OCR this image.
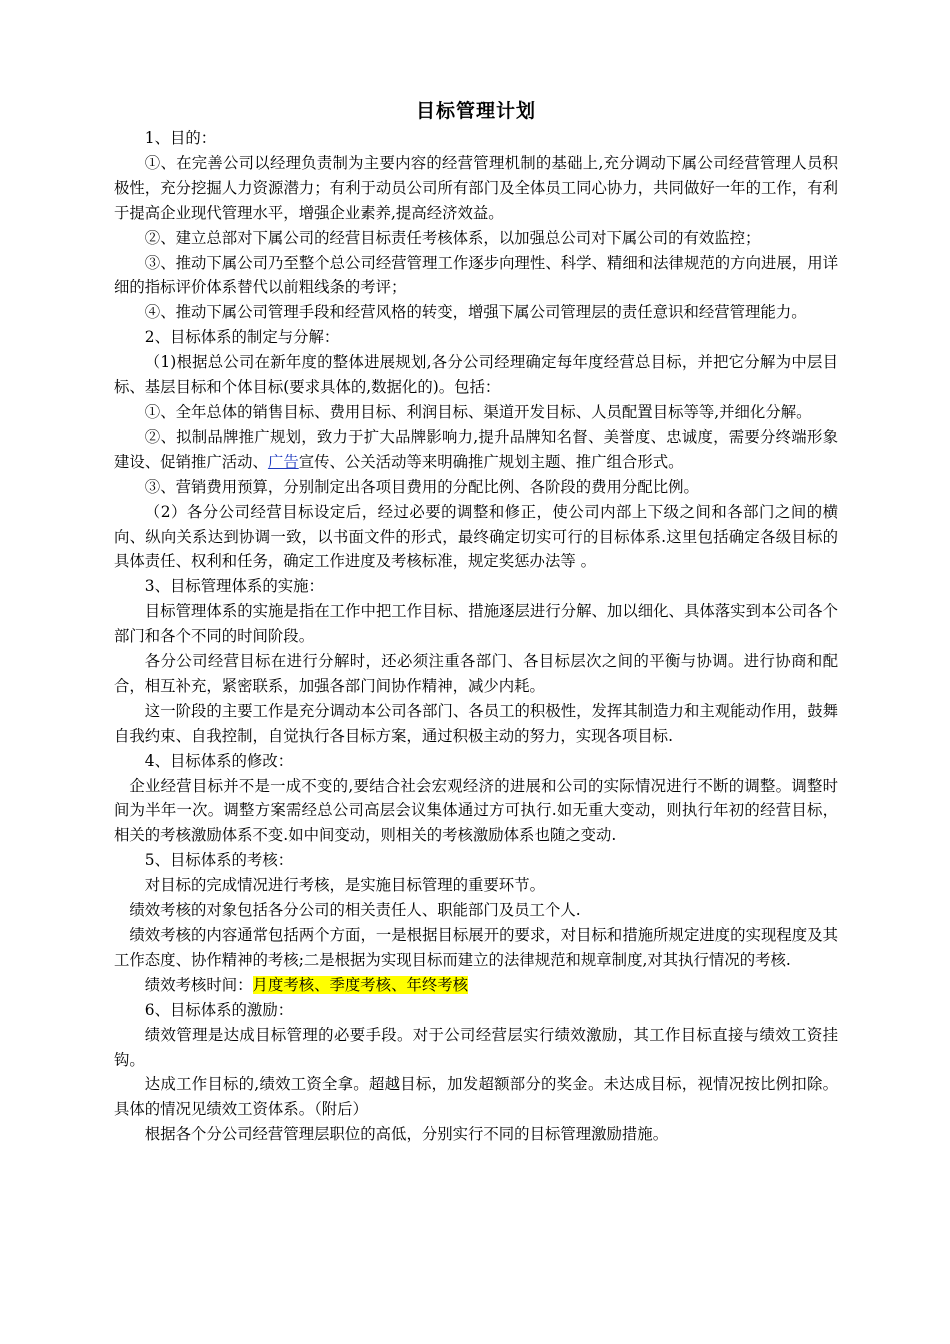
目标管理计划

1、目的：

①、在完善公司以经理负责制为主要内容的经营管理机制的基础上,充分调动下属公司经营管理人员积极性，充分挖掘人力资源潜力；有利于动员公司所有部门及全体员工同心协力，共同做好一年的工作，有利于提高企业现代管理水平，增强企业素养,提高经济效益。

②、建立总部对下属公司的经营目标责任考核体系，以加强总公司对下属公司的有效监控；

③、推动下属公司乃至整个总公司经营管理工作逐步向理性、科学、精细和法律规范的方向进展，用详细的指标评价体系替代以前粗线条的考评；

④、推动下属公司管理手段和经营风格的转变，增强下属公司管理层的责任意识和经营管理能力。

2、目标体系的制定与分解：

（1)根据总公司在新年度的整体进展规划,各分公司经理确定每年度经营总目标，并把它分解为中层目标、基层目标和个体目标(要求具体的,数据化的)。包括：

①、全年总体的销售目标、费用目标、利润目标、渠道开发目标、人员配置目标等等,并细化分解。

②、拟制品牌推广规划，致力于扩大品牌影响力,提升品牌知名督、美誉度、忠诚度，需要分终端形象建设、促销推广活动、广告宣传、公关活动等来明确推广规划主题、推广组合形式。

③、营销费用预算，分别制定出各项目费用的分配比例、各阶段的费用分配比例。

（2）各分公司经营目标设定后，经过必要的调整和修正，使公司内部上下级之间和各部门之间的横向、纵向关系达到协调一致，以书面文件的形式，最终确定切实可行的目标体系.这里包括确定各级目标的具体责任、权利和任务，确定工作进度及考核标准，规定奖惩办法等 。

3、目标管理体系的实施：

目标管理体系的实施是指在工作中把工作目标、措施逐层进行分解、加以细化、具体落实到本公司各个部门和各个不同的时间阶段。

各分公司经营目标在进行分解时，还必须注重各部门、各目标层次之间的平衡与协调。进行协商和配合，相互补充，紧密联系，加强各部门间协作精神，减少内耗。

这一阶段的主要工作是充分调动本公司各部门、各员工的积极性，发挥其制造力和主观能动作用，鼓舞自我约束、自我控制，自觉执行各目标方案，通过积极主动的努力，实现各项目标.

4、目标体系的修改：

企业经营目标并不是一成不变的,要结合社会宏观经济的进展和公司的实际情况进行不断的调整。调整时间为半年一次。调整方案需经总公司高层会议集体通过方可执行.如无重大变动，则执行年初的经营目标，相关的考核激励体系不变.如中间变动，则相关的考核激励体系也随之变动.

5、目标体系的考核：

对目标的完成情况进行考核，是实施目标管理的重要环节。

绩效考核的对象包括各分公司的相关责任人、职能部门及员工个人.

绩效考核的内容通常包括两个方面，一是根据目标展开的要求，对目标和措施所规定进度的实现程度及其工作态度、协作精神的考核;二是根据为实现目标而建立的法律规范和规章制度,对其执行情况的考核.

绩效考核时间：月度考核、季度考核、年终考核

6、目标体系的激励：

绩效管理是达成目标管理的必要手段。对于公司经营层实行绩效激励，其工作目标直接与绩效工资挂钩。

达成工作目标的,绩效工资全拿。超越目标，加发超额部分的奖金。未达成目标，视情况按比例扣除。具体的情况见绩效工资体系。（附后）

根据各个分公司经营管理层职位的高低，分别实行不同的目标管理激励措施。
